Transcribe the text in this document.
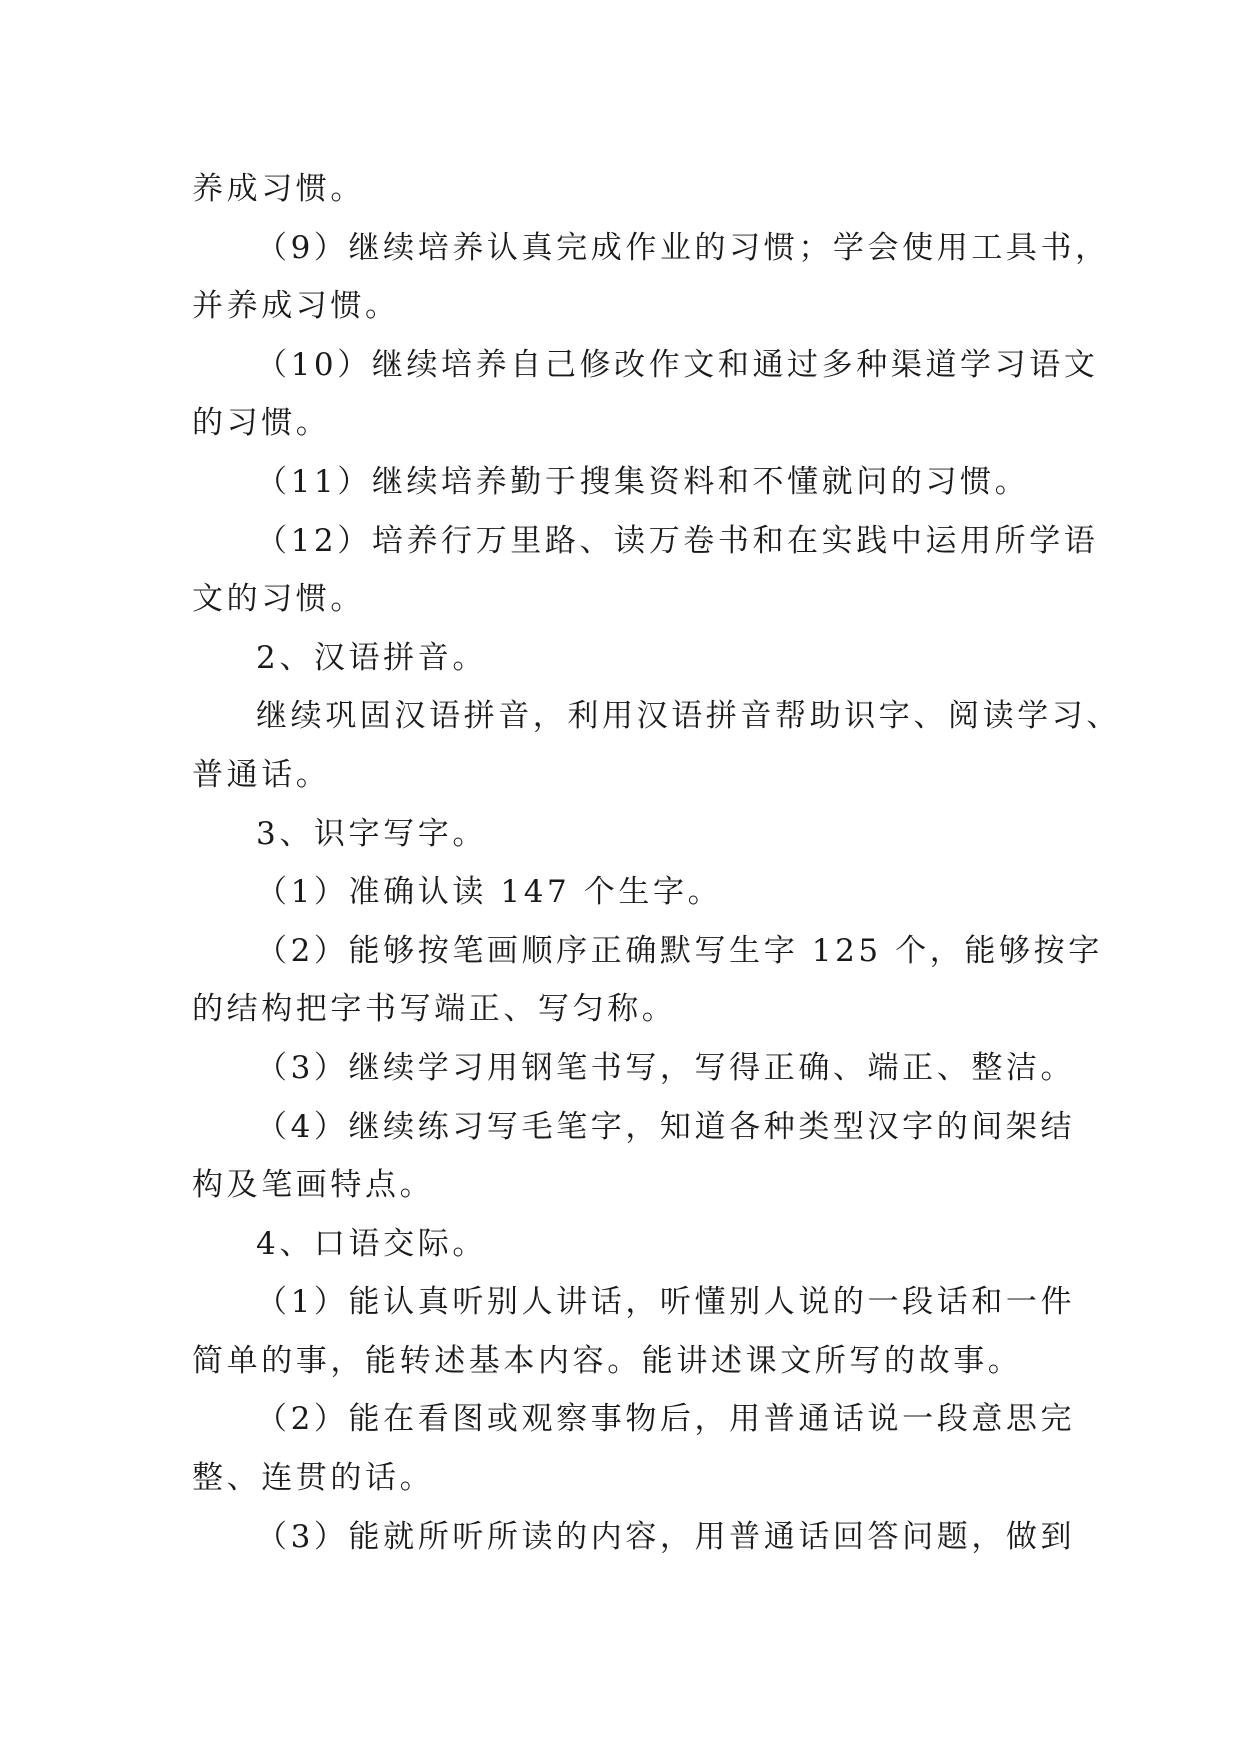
养成习惯。

（9）继续培养认真完成作业的习惯；学会使用工具书，

并养成习惯。

（10）继续培养自己修改作文和通过多种渠道学习语文

的习惯。

（11）继续培养勤于搜集资料和不懂就问的习惯。

（12）培养行万里路、读万卷书和在实践中运用所学语

文的习惯。

2、汉语拼音。

继续巩固汉语拼音，利用汉语拼音帮助识字、阅读学习、

普通话。

3、识字写字。

（1）准确认读 147 个生字。

（2）能够按笔画顺序正确默写生字 125 个，能够按字

的结构把字书写端正、写匀称。

（3）继续学习用钢笔书写，写得正确、端正、整洁。

（4）继续练习写毛笔字，知道各种类型汉字的间架结

构及笔画特点。

4、口语交际。

（1）能认真听别人讲话，听懂别人说的一段话和一件

简单的事，能转述基本内容。能讲述课文所写的故事。

（2）能在看图或观察事物后，用普通话说一段意思完

整、连贯的话。

（3）能就所听所读的内容，用普通话回答问题，做到
